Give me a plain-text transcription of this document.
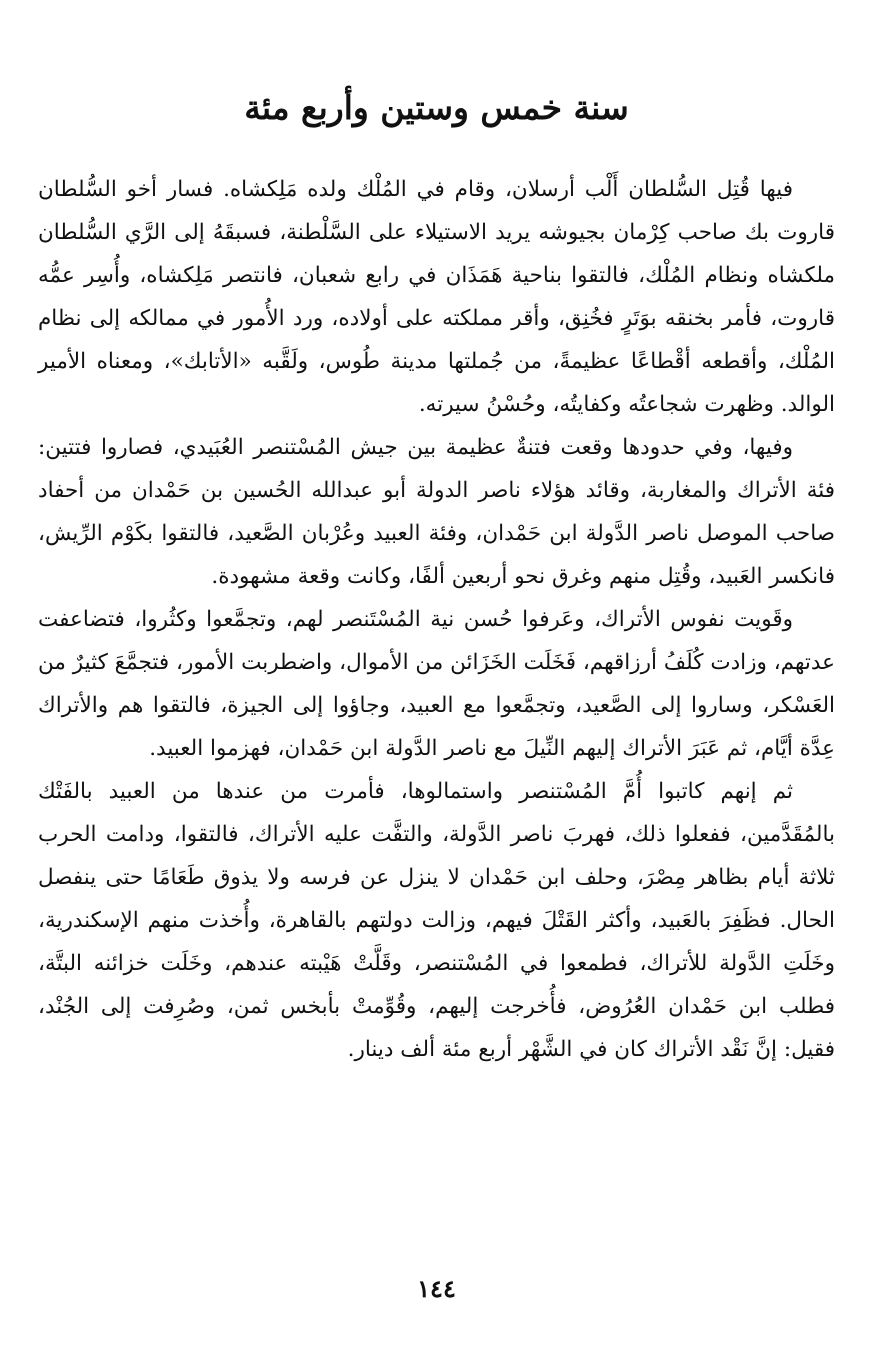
سنة خمس وستين وأربع مئة

فيها قُتِل السُّلطان أَلْب أرسلان، وقام في المُلْك ولده مَلِكشاه. فسار أخو السُّلطان قاروت بك صاحب كِرْمان بجيوشه يريد الاستيلاء على السَّلْطنة، فسبقَهُ إلى الرَّي السُّلطان ملكشاه ونظام المُلْك، فالتقوا بناحية هَمَذَان في رابع شعبان، فانتصر مَلِكشاه، وأُسِر عمُّه قاروت، فأمر بخنقه بوَتَرٍ فخُنِق، وأقر مملكته على أولاده، ورد الأُمور في ممالكه إلى نظام المُلْك، وأقطعه أقْطاعًا عظيمةً، من جُملتها مدينة طُوس، ولَقَّبه «الأتابك»، ومعناه الأمير الوالد. وظهرت شجاعتُه وكفايتُه، وحُسْنُ سيرته.

وفيها، وفي حدودها وقعت فتنةٌ عظيمة بين جيش المُسْتنصر العُبَيدي، فصاروا فتتين: فئة الأتراك والمغاربة، وقائد هؤلاء ناصر الدولة أبو عبدالله الحُسين بن حَمْدان من أحفاد صاحب الموصل ناصر الدَّولة ابن حَمْدان، وفئة العبيد وعُرْبان الصَّعيد، فالتقوا بكَوْم الرِّيش، فانكسر العَبيد، وقُتِل منهم وغرق نحو أربعين ألفًا، وكانت وقعة مشهودة.

وقَويت نفوس الأتراك، وعَرفوا حُسن نية المُسْتَنصر لهم، وتجمَّعوا وكثُروا، فتضاعفت عدتهم، وزادت كُلَفُ أرزاقهم، فَخَلَت الخَزَائن من الأموال، واضطربت الأمور، فتجمَّعَ كثيرٌ من العَسْكر، وساروا إلى الصَّعيد، وتجمَّعوا مع العبيد، وجاؤوا إلى الجيزة، فالتقوا هم والأتراك عِدَّة أيَّام، ثم عَبَرَ الأتراك إليهم النِّيلَ مع ناصر الدَّولة ابن حَمْدان، فهزموا العبيد.

ثم إنهم كاتبوا أُمَّ المُسْتنصر واستمالوها، فأمرت من عندها من العبيد بالفَتْك بالمُقَدَّمين، ففعلوا ذلك، فهربَ ناصر الدَّولة، والتفَّت عليه الأتراك، فالتقوا، ودامت الحرب ثلاثة أيام بظاهر مِصْرَ، وحلف ابن حَمْدان لا ينزل عن فرسه ولا يذوق طَعَامًا حتى ينفصل الحال. فظَفِرَ بالعَبيد، وأكثر القَتْلَ فيهم، وزالت دولتهم بالقاهرة، وأُخذت منهم الإسكندرية، وخَلَتِ الدَّولة للأتراك، فطمعوا في المُسْتنصر، وقَلَّتْ هَيْبته عندهم، وخَلَت خزائنه البتَّة، فطلب ابن حَمْدان العُرُوض، فأُخرجت إليهم، وقُوِّمتْ بأبخس ثمن، وصُرِفت إلى الجُنْد، فقيل: إنَّ نَقْد الأتراك كان في الشَّهْر أربع مئة ألف دينار.

١٤٤
